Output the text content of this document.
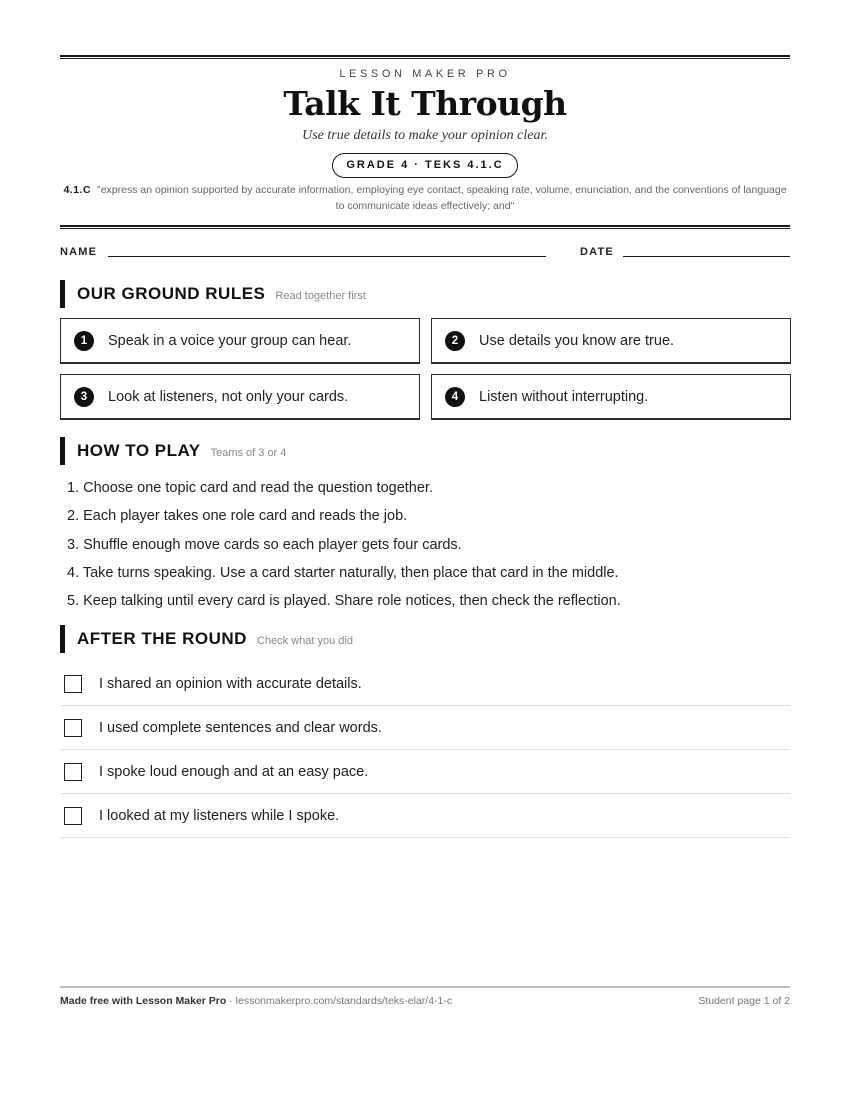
LESSON MAKER PRO
Talk It Through
Use true details to make your opinion clear.
GRADE 4 · TEKS 4.1.C
4.1.C "express an opinion supported by accurate information, employing eye contact, speaking rate, volume, enunciation, and the conventions of language to communicate ideas effectively; and"
NAME	DATE
OUR GROUND RULES Read together first
1	Speak in a voice your group can hear.	2	Use details you know are true.
3	Look at listeners, not only your cards.	4	Listen without interrupting.
HOW TO PLAY Teams of 3 or 4
1. Choose one topic card and read the question together.
2. Each player takes one role card and reads the job.
3. Shuffle enough move cards so each player gets four cards.
4. Take turns speaking. Use a card starter naturally, then place that card in the middle.
5. Keep talking until every card is played. Share role notices, then check the reflection.
AFTER THE ROUND Check what you did
I shared an opinion with accurate details.
I used complete sentences and clear words.
I spoke loud enough and at an easy pace.
I looked at my listeners while I spoke.
Made free with Lesson Maker Pro · lessonmakerpro.com/standards/teks-elar/4-1-c	Student page 1 of 2
